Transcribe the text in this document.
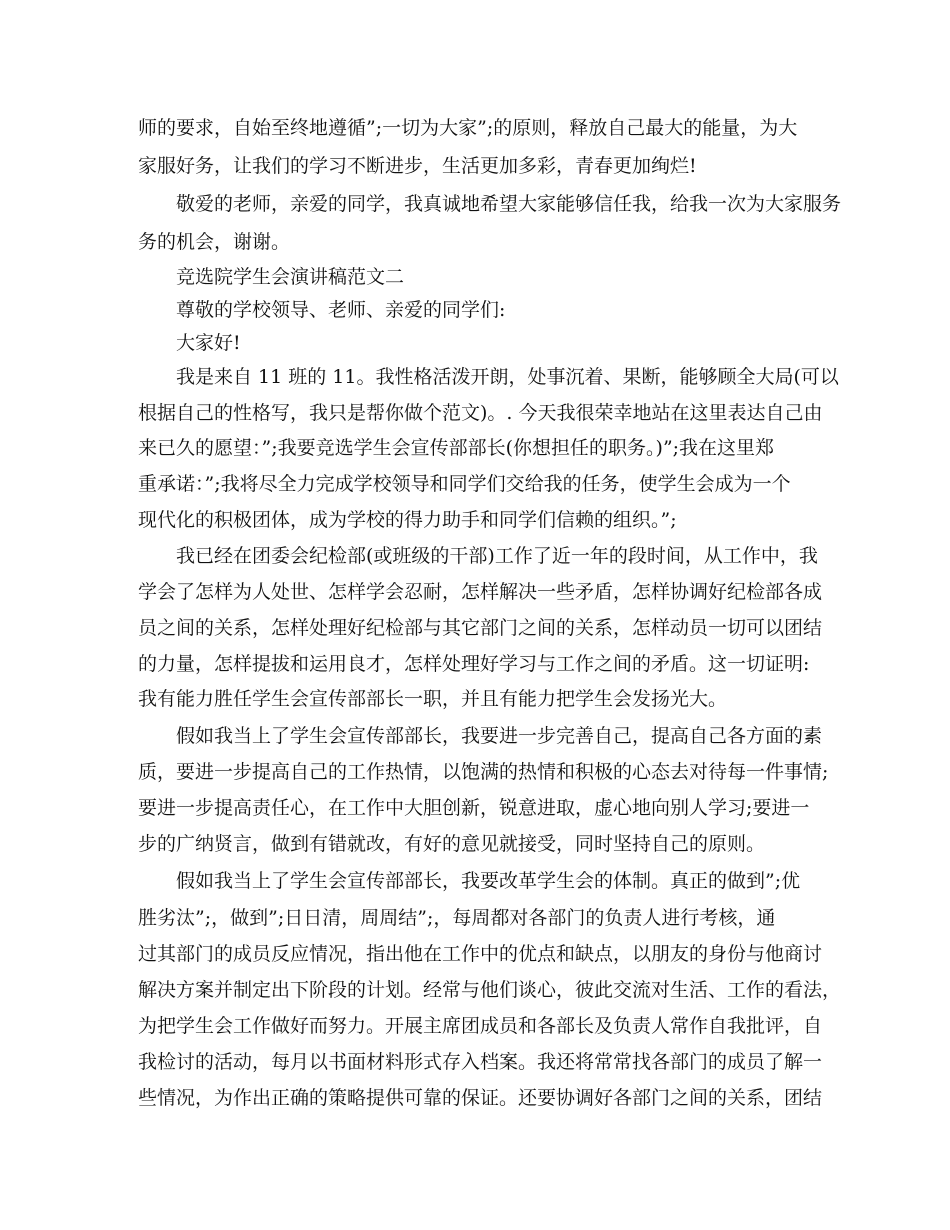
师的要求，自始至终地遵循”;一切为大家”;的原则，释放自己最大的能量，为大
家服好务，让我们的学习不断进步，生活更加多彩，青春更加绚烂!
敬爱的老师，亲爱的同学，我真诚地希望大家能够信任我，给我一次为大家服务
务的机会，谢谢。
竞选院学生会演讲稿范文二
尊敬的学校领导、老师、亲爱的同学们:
大家好!
我是来自 11 班的 11。我性格活泼开朗，处事沉着、果断，能够顾全大局(可以
根据自己的性格写，我只是帮你做个范文)。. 今天我很荣幸地站在这里表达自己由
来已久的愿望：”;我要竞选学生会宣传部部长(你想担任的职务。)”;我在这里郑
重承诺：”;我将尽全力完成学校领导和同学们交给我的任务，使学生会成为一个
现代化的积极团体，成为学校的得力助手和同学们信赖的组织。”;
我已经在团委会纪检部(或班级的干部)工作了近一年的段时间，从工作中，我
学会了怎样为人处世、怎样学会忍耐，怎样解决一些矛盾，怎样协调好纪检部各成
员之间的关系，怎样处理好纪检部与其它部门之间的关系，怎样动员一切可以团结
的力量，怎样提拔和运用良才，怎样处理好学习与工作之间的矛盾。这一切证明:
我有能力胜任学生会宣传部部长一职，并且有能力把学生会发扬光大。
假如我当上了学生会宣传部部长，我要进一步完善自己，提高自己各方面的素
质，要进一步提高自己的工作热情，以饱满的热情和积极的心态去对待每一件事情;
要进一步提高责任心，在工作中大胆创新，锐意进取，虚心地向别人学习;要进一
步的广纳贤言，做到有错就改，有好的意见就接受，同时坚持自己的原则。
假如我当上了学生会宣传部部长，我要改革学生会的体制。真正的做到”;优
胜劣汰”;，做到”;日日清，周周结”;，每周都对各部门的负责人进行考核，通
过其部门的成员反应情况，指出他在工作中的优点和缺点，以朋友的身份与他商讨
解决方案并制定出下阶段的计划。经常与他们谈心，彼此交流对生活、工作的看法，
为把学生会工作做好而努力。开展主席团成员和各部长及负责人常作自我批评，自
我检讨的活动，每月以书面材料形式存入档案。我还将常常找各部门的成员了解一
些情况，为作出正确的策略提供可靠的保证。还要协调好各部门之间的关系，团结
